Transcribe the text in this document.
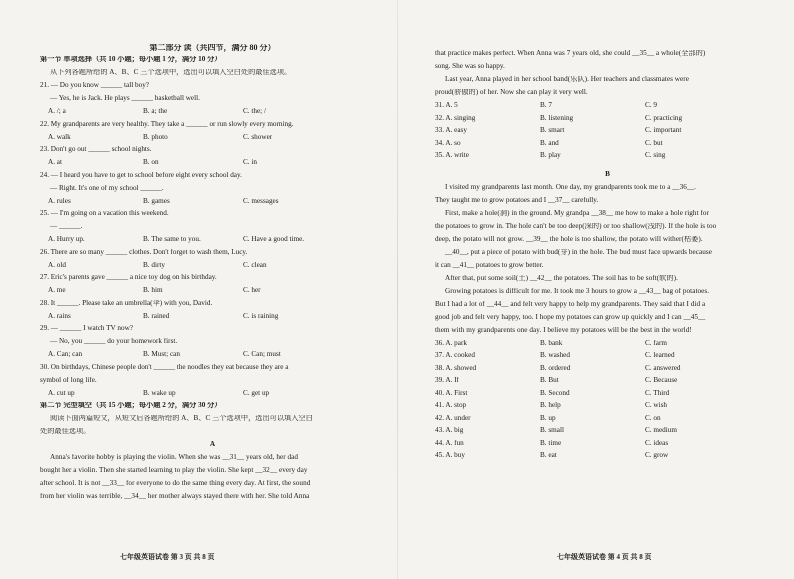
第二部分 读（共四节，满分 80 分）
第一节 单项选择（共 10 小题；每小题 1 分，满分 10 分）
从下列各题所给的 A、B、C 三个选项中，选出可以填入空白处的最佳选项。
21. — Do you know ______ tall boy?
— Yes, he is Jack. He plays ______ basketball well.
A. /; a	B. a; the	C. the; /
22. My grandparents are very healthy. They take a ______ or run slowly every morning.
A. walk	B. photo	C. shower
23. Don't go out ______ school nights.
A. at	B. on	C. in
24. — I heard you have to get to school before eight every school day.
— Right. It's one of my school ______.
A. rules	B. games	C. messages
25. — I'm going on a vacation this weekend.
— ______.
A. Hurry up.	B. The same to you.	C. Have a good time.
26. There are so many ______ clothes. Don't forget to wash them, Lucy.
A. old	B. dirty	C. clean
27. Eric's parents gave ______ a nice toy dog on his birthday.
A. me	B. him	C. her
28. It ______. Please take an umbrella(伞) with you, David.
A. rains	B. rained	C. is raining
29. — ______ I watch TV now?
— No, you ______ do your homework first.
A. Can; can	B. Must; can	C. Can; must
30. On birthdays, Chinese people don't ______ the noodles they eat because they are a
symbol of long life.
A. cut up	B. wake up	C. get up
第二节 完型填空（共 15 小题；每小题 2 分，满分 30 分）
阅读下面两篇短文，从短文后各题所给的 A、B、C 三个选项中，选出可以填入空白
处的最佳选项。
A
Anna's favorite hobby is playing the violin. When she was __31__ years old, her dad
bought her a violin. Then she started learning to play the violin. She kept __32__ every day
after school. It is not __33__ for everyone to do the same thing every day. At first, the sound
from her violin was terrible, __34__ her mother always stayed there with her. She told Anna
七年级英语试卷 第 3 页 共 8 页
that practice makes perfect. When Anna was 7 years old, she could __35__ a whole(全部的)
song. She was so happy.
Last year, Anna played in her school band(乐队). Her teachers and classmates were
proud(骄傲的) of her. Now she can play it very well.
31. A. 5	B. 7	C. 9
32. A. singing	B. listening	C. practicing
33. A. easy	B. smart	C. important
34. A. so	B. and	C. but
35. A. write	B. play	C. sing
B
I visited my grandparents last month. One day, my grandparents took me to a __36__.
They taught me to grow potatoes and I __37__ carefully.
First, make a hole(洞) in the ground. My grandpa __38__ me how to make a hole right for
the potatoes to grow in. The hole can't be too deep(深的) or too shallow(浅的). If the hole is too
deep, the potato will not grow. __39__ the hole is too shallow, the potato will wither(枯萎).
__40__, put a piece of potato with bud(芽) in the hole. The bud must face upwards because
it can __41__ potatoes to grow better.
After that, put some soil(土) __42__ the potatoes. The soil has to be soft(软的).
Growing potatoes is difficult for me. It took me 3 hours to grow a __43__ bag of potatoes.
But I had a lot of __44__ and felt very happy to help my grandparents. They said that I did a
good job and felt very happy, too. I hope my potatoes can grow up quickly and I can __45__
them with my grandparents one day. I believe my potatoes will be the best in the world!
36. A. park	B. bank	C. farm
37. A. cooked	B. washed	C. learned
38. A. showed	B. ordered	C. answered
39. A. If	B. But	C. Because
40. A. First	B. Second	C. Third
41. A. stop	B. help	C. wish
42. A. under	B. up	C. on
43. A. big	B. small	C. medium
44. A. fun	B. time	C. ideas
45. A. buy	B. eat	C. grow
七年级英语试卷 第 4 页 共 8 页
